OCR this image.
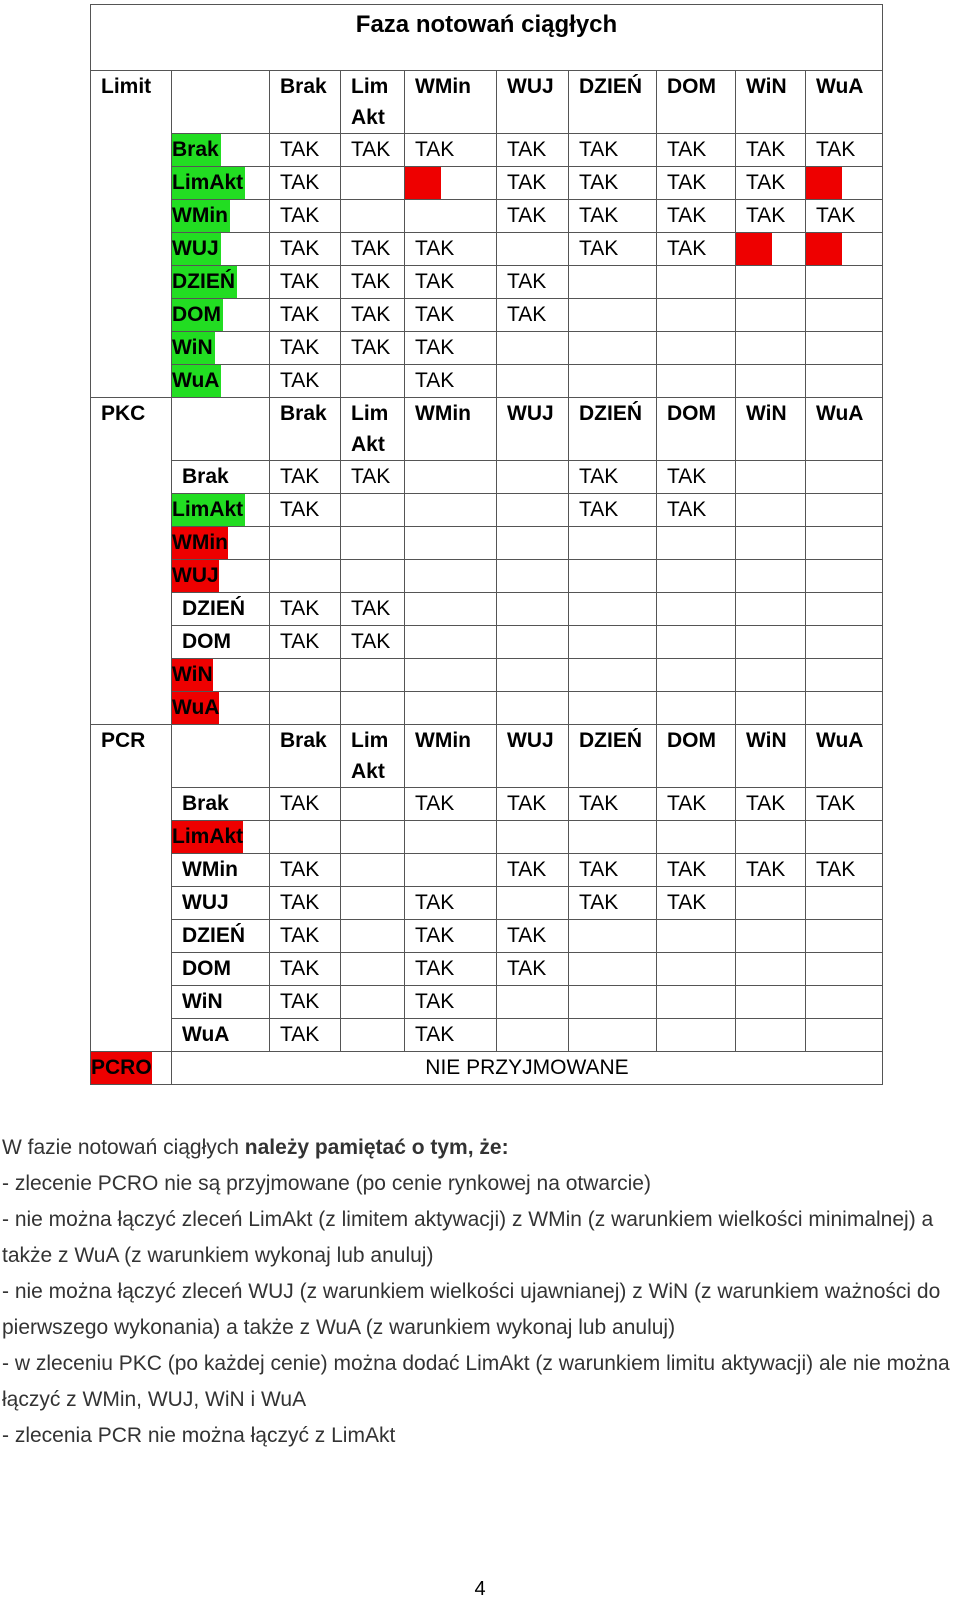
Faza notowań ciągłych									
Limit		Brak	Lim Akt	WMin	WUJ	DZIEŃ	DOM	WiN	WuA
	Brak	TAK	TAK	TAK	TAK	TAK	TAK	TAK	TAK
	LimAkt	TAK			TAK	TAK	TAK	TAK	
	WMin	TAK			TAK	TAK	TAK	TAK	TAK
	WUJ	TAK	TAK	TAK		TAK	TAK		
	DZIEŃ	TAK	TAK	TAK	TAK				
	DOM	TAK	TAK	TAK	TAK				
	WiN	TAK	TAK	TAK					
	WuA	TAK		TAK					
PKC		Brak	Lim Akt	WMin	WUJ	DZIEŃ	DOM	WiN	WuA
	Brak	TAK	TAK			TAK	TAK		
	LimAkt	TAK				TAK	TAK		
	WMin								
	WUJ								
	DZIEŃ	TAK	TAK						
	DOM	TAK	TAK						
	WiN								
	WuA								
PCR		Brak	Lim Akt	WMin	WUJ	DZIEŃ	DOM	WiN	WuA
	Brak	TAK		TAK	TAK	TAK	TAK	TAK	TAK
	LimAkt								
	WMin	TAK			TAK	TAK	TAK	TAK	TAK
	WUJ	TAK		TAK		TAK	TAK		
	DZIEŃ	TAK		TAK	TAK				
	DOM	TAK		TAK	TAK				
	WiN	TAK		TAK					
	WuA	TAK		TAK					
PCRO	NIE PRZYJMOWANE								

W fazie notowań ciągłych należy pamiętać o tym, że:

- zlecenie PCRO nie są przyjmowane (po cenie rynkowej na otwarcie)

- nie można łączyć zleceń LimAkt (z limitem aktywacji) z WMin (z warunkiem wielkości minimalnej) a także z WuA (z warunkiem wykonaj lub anuluj)

- nie można łączyć zleceń WUJ (z warunkiem wielkości ujawnianej) z WiN (z warunkiem ważności do pierwszego wykonania) a także z WuA (z warunkiem wykonaj lub anuluj)

- w zleceniu PKC (po każdej cenie) można dodać LimAkt (z warunkiem limitu aktywacji) ale nie można łączyć z WMin, WUJ, WiN i WuA

- zlecenia PCR nie można łączyć z LimAkt

4
